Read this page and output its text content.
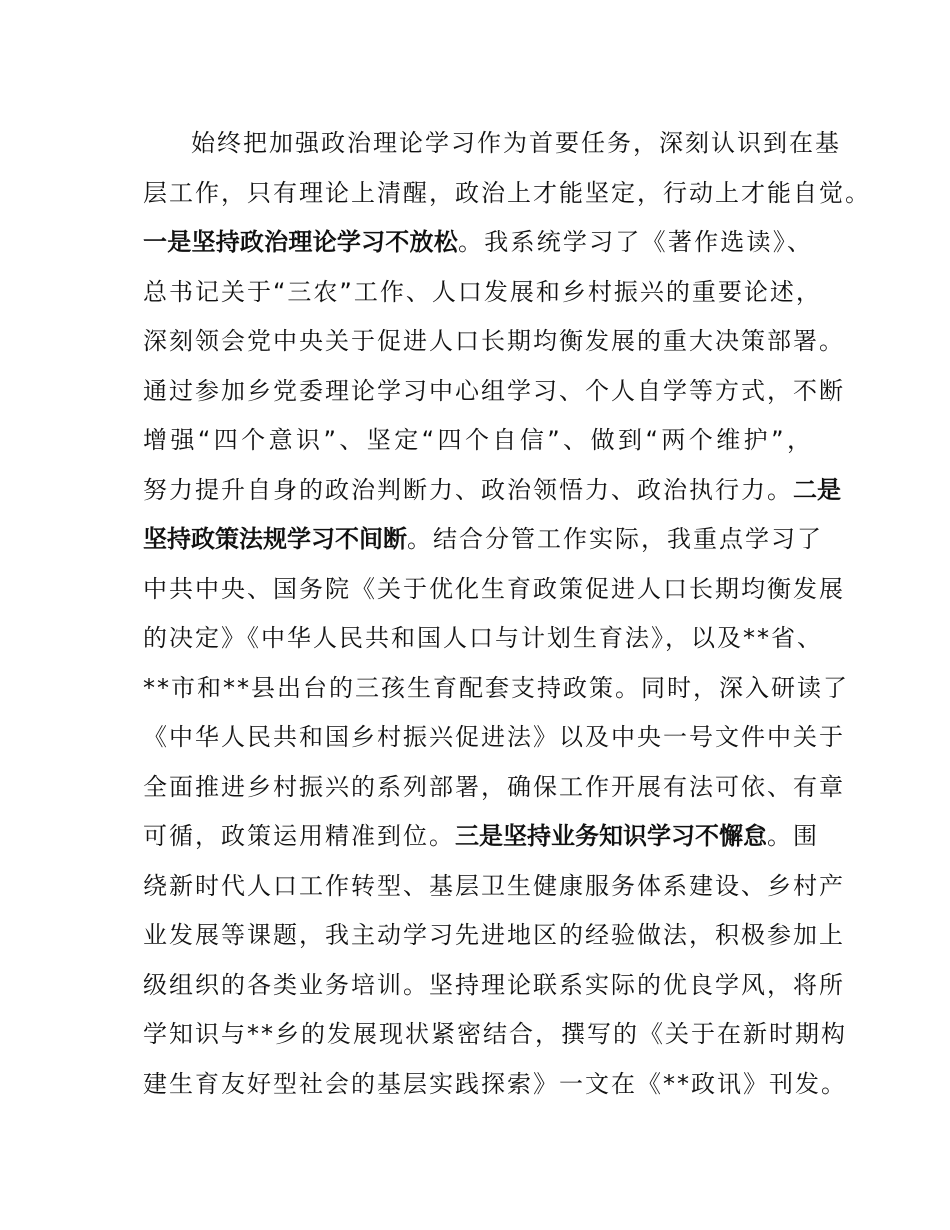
始终把加强政治理论学习作为首要任务，深刻认识到在基
层工作，只有理论上清醒，政治上才能坚定，行动上才能自觉。
一是坚持政治理论学习不放松。我系统学习了《著作选读》、
总书记关于“三农”工作、人口发展和乡村振兴的重要论述，
深刻领会党中央关于促进人口长期均衡发展的重大决策部署。
通过参加乡党委理论学习中心组学习、个人自学等方式，不断
增强“四个意识”、坚定“四个自信”、做到“两个维护”，
努力提升自身的政治判断力、政治领悟力、政治执行力。二是
坚持政策法规学习不间断。结合分管工作实际，我重点学习了
中共中央、国务院《关于优化生育政策促进人口长期均衡发展
的决定》《中华人民共和国人口与计划生育法》，以及**省、
**市和**县出台的三孩生育配套支持政策。同时，深入研读了
《中华人民共和国乡村振兴促进法》以及中央一号文件中关于
全面推进乡村振兴的系列部署，确保工作开展有法可依、有章
可循，政策运用精准到位。三是坚持业务知识学习不懈怠。围
绕新时代人口工作转型、基层卫生健康服务体系建设、乡村产
业发展等课题，我主动学习先进地区的经验做法，积极参加上
级组织的各类业务培训。坚持理论联系实际的优良学风，将所
学知识与**乡的发展现状紧密结合，撰写的《关于在新时期构
建生育友好型社会的基层实践探索》一文在《**政讯》刊发。
